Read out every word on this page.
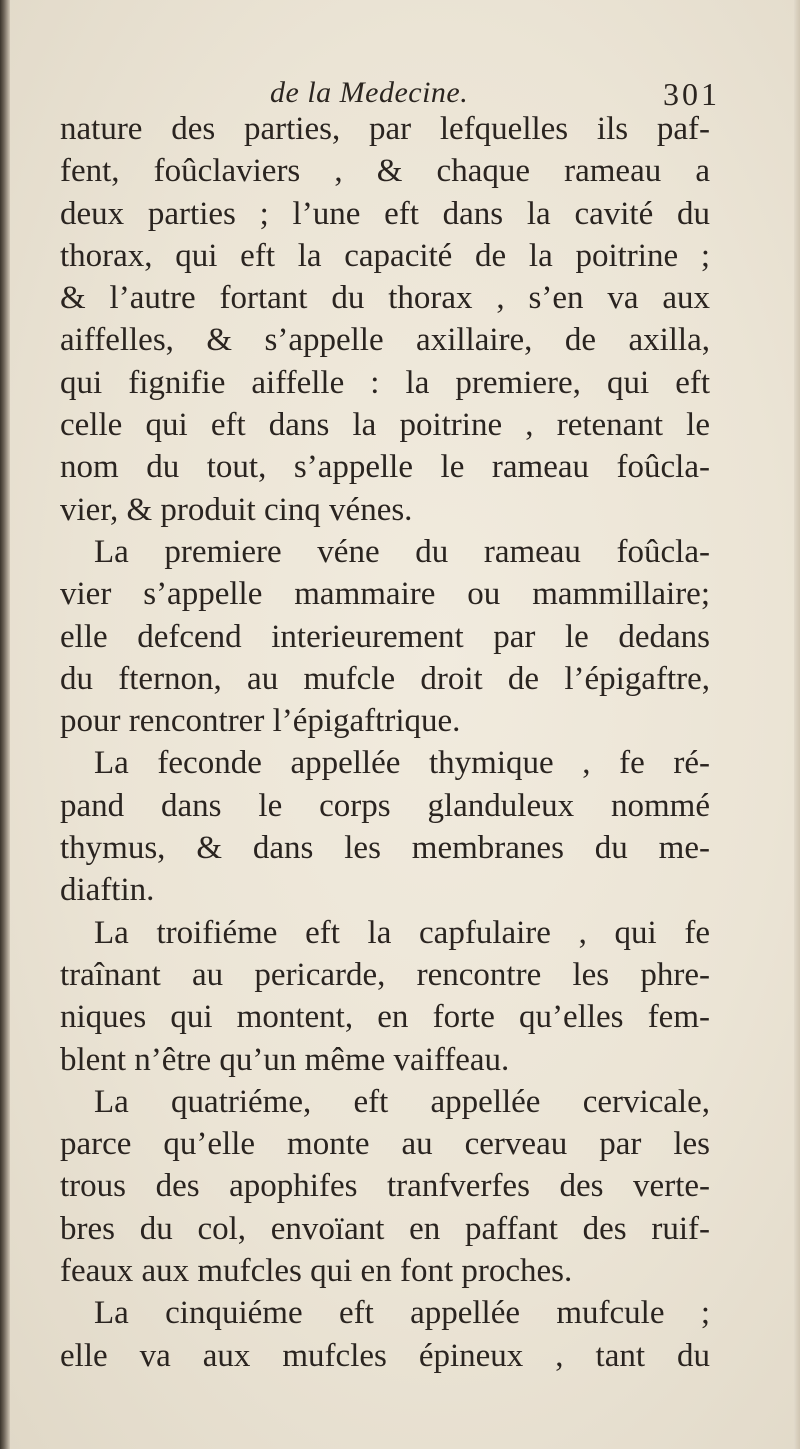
de la Medecine.	301
nature des parties, par lefquelles ils paf-
fent, foûclaviers , & chaque rameau a
deux parties ; l’une eft dans la cavité du
thorax, qui eft la capacité de la poitrine ;
& l’autre fortant du thorax , s’en va aux
aiffelles, & s’appelle axillaire, de axilla,
qui fignifie aiffelle : la premiere, qui eft
celle qui eft dans la poitrine , retenant le
nom du tout, s’appelle le rameau foûcla-
vier, & produit cinq vénes.
La premiere véne du rameau foûcla-
vier s’appelle mammaire ou mammillaire;
elle defcend interieurement par le dedans
du fternon, au mufcle droit de l’épigaftre,
pour rencontrer l’épigaftrique.
La feconde appellée thymique , fe ré-
pand dans le corps glanduleux nommé
thymus, & dans les membranes du me-
diaftin.
La troifiéme eft la capfulaire , qui fe
traînant au pericarde, rencontre les phre-
niques qui montent, en forte qu’elles fem-
blent n’être qu’un même vaiffeau.
La quatriéme, eft appellée cervicale,
parce qu’elle monte au cerveau par les
trous des apophifes tranfverfes des verte-
bres du col, envoïant en paffant des ruif-
feaux aux mufcles qui en font proches.
La cinquiéme eft appellée mufcule ;
elle va aux mufcles épineux , tant du
